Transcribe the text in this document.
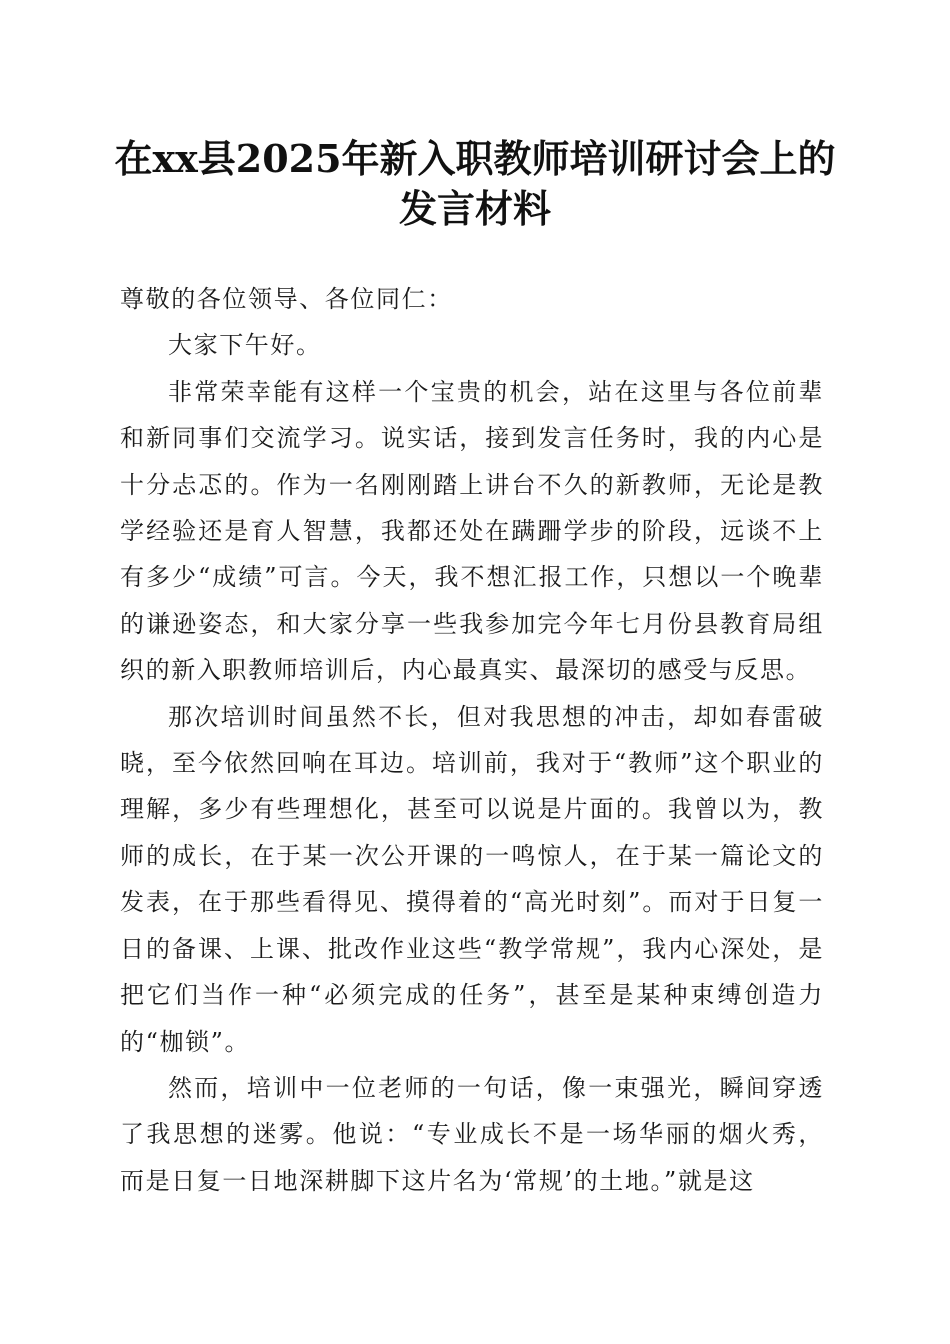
在xx县2025年新入职教师培训研讨会上的发言材料

尊敬的各位领导、各位同仁：

大家下午好。

非常荣幸能有这样一个宝贵的机会，站在这里与各位前辈和新同事们交流学习。说实话，接到发言任务时，我的内心是十分忐忑的。作为一名刚刚踏上讲台不久的新教师，无论是教学经验还是育人智慧，我都还处在蹒跚学步的阶段，远谈不上有多少“成绩”可言。今天，我不想汇报工作，只想以一个晚辈的谦逊姿态，和大家分享一些我参加完今年七月份县教育局组织的新入职教师培训后，内心最真实、最深切的感受与反思。

那次培训时间虽然不长，但对我思想的冲击，却如春雷破晓，至今依然回响在耳边。培训前，我对于“教师”这个职业的理解，多少有些理想化，甚至可以说是片面的。我曾以为，教师的成长，在于某一次公开课的一鸣惊人，在于某一篇论文的发表，在于那些看得见、摸得着的“高光时刻”。而对于日复一日的备课、上课、批改作业这些“教学常规”，我内心深处，是把它们当作一种“必须完成的任务”，甚至是某种束缚创造力的“枷锁”。

然而，培训中一位老师的一句话，像一束强光，瞬间穿透了我思想的迷雾。他说：“专业成长不是一场华丽的烟火秀，而是日复一日地深耕脚下这片名为‘常规’的土地。”就是这
